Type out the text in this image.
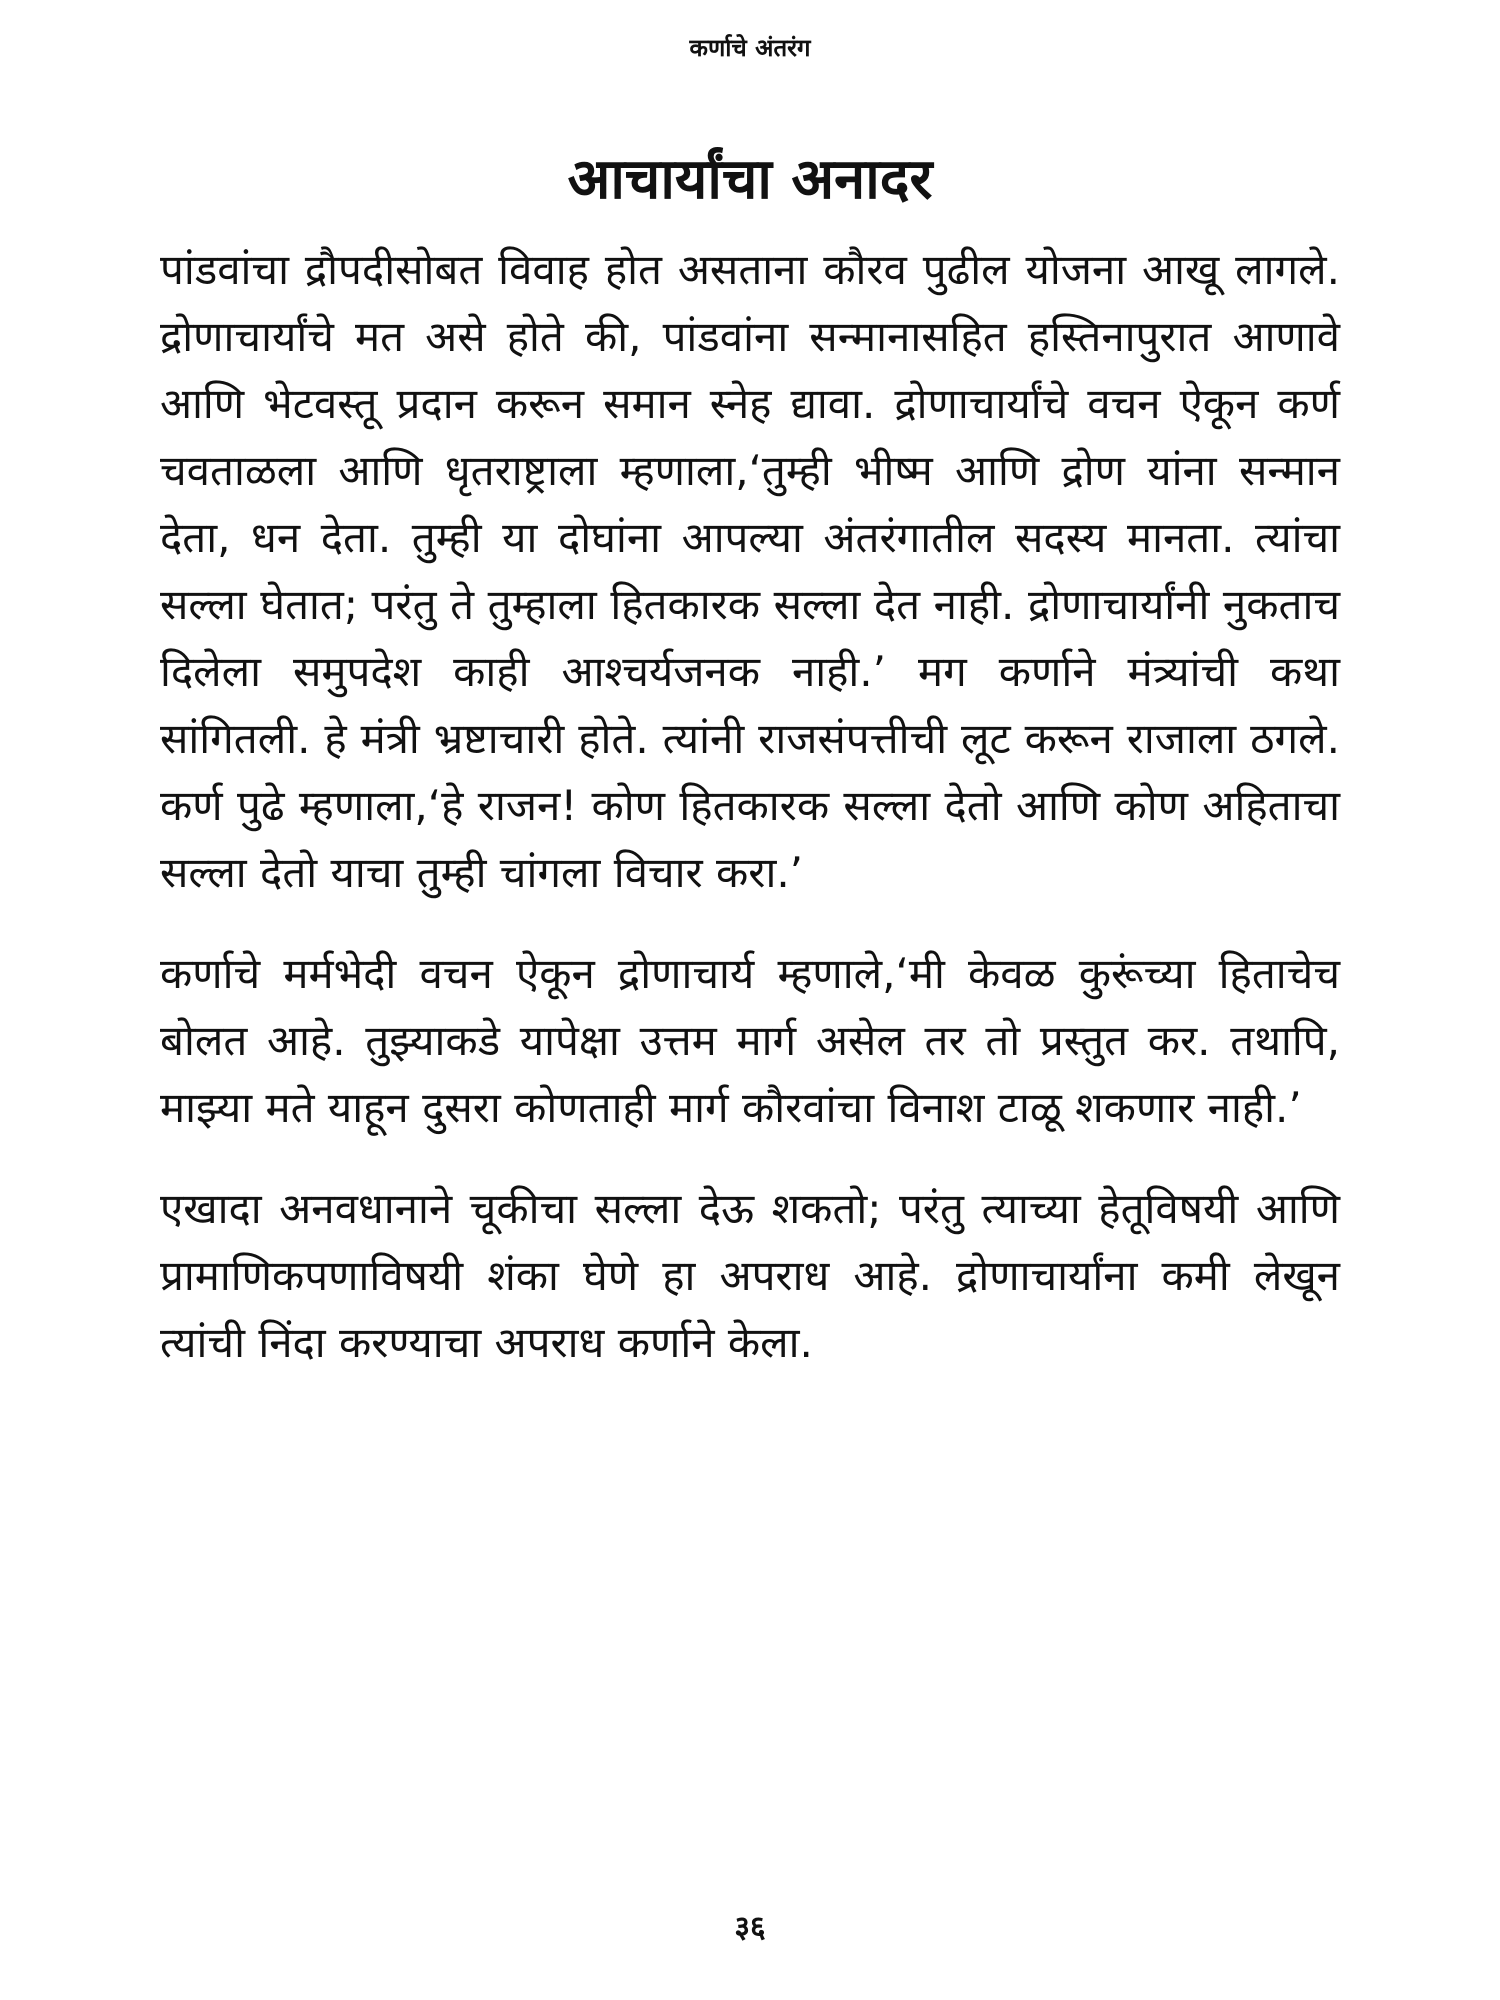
कर्णाचे अंतरंग
आचार्यांचा अनादर

पांडवांचा द्रौपदीसोबत विवाह होत असताना कौरव पुढील योजना आखू लागले. द्रोणाचार्यांचे मत असे होते की, पांडवांना सन्मानासहित हस्तिनापुरात आणावे आणि भेटवस्तू प्रदान करून समान स्नेह द्यावा. द्रोणाचार्यांचे वचन ऐकून कर्ण चवताळला आणि धृतराष्ट्राला म्हणाला,‘तुम्ही भीष्म आणि द्रोण यांना सन्मान देता, धन देता. तुम्ही या दोघांना आपल्या अंतरंगातील सदस्य मानता. त्यांचा सल्ला घेतात; परंतु ते तुम्हाला हितकारक सल्ला देत नाही. द्रोणाचार्यांनी नुकताच दिलेला समुपदेश काही आश्चर्यजनक नाही.’ मग कर्णाने मंत्र्यांची कथा सांगितली. हे मंत्री भ्रष्टाचारी होते. त्यांनी राजसंपत्तीची लूट करून राजाला ठगले. कर्ण पुढे म्हणाला,‘हे राजन! कोण हितकारक सल्ला देतो आणि कोण अहिताचा सल्ला देतो याचा तुम्ही चांगला विचार करा.’

कर्णाचे मर्मभेदी वचन ऐकून द्रोणाचार्य म्हणाले,‘मी केवळ कुरूंच्या हिताचेच बोलत आहे. तुझ्याकडे यापेक्षा उत्तम मार्ग असेल तर तो प्रस्तुत कर. तथापि, माझ्या मते याहून दुसरा कोणताही मार्ग कौरवांचा विनाश टाळू शकणार नाही.’

एखादा अनवधानाने चूकीचा सल्ला देऊ शकतो; परंतु त्याच्या हेतूविषयी आणि प्रामाणिकपणाविषयी शंका घेणे हा अपराध आहे. द्रोणाचार्यांना कमी लेखून त्यांची निंदा करण्याचा अपराध कर्णाने केला.

३६
